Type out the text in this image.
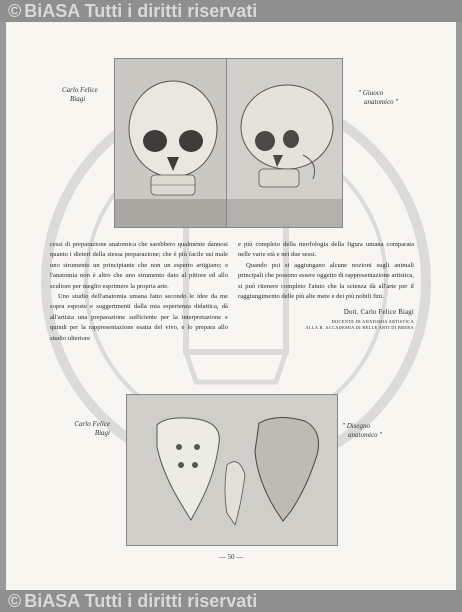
© BiASA Tutti i diritti riservati
Carlo Felice
Biagi
" Giuoco
anatomico "

cessi di preparazione anatomica che sarebbero qualmente dannosi quanto i dieteri della stessa preparazione; che è più facile usi male uno strumento un principiante che non un esperto artigiano; e l'anatomia non è altro che uno strumento dato al pittore ed allo scultore per meglio esprimere la propria arte.

Uno studio dell'anatomia umana fatto secondo le idee da me sopra esposte e suggerimenti dalla mia esperienza didattica, dà all'artista una preparazione sufficiente per la interpretazione e quindi per la rappresentazione esatta del vivo, e lo prepara allo studio ulteriore

e più completo della morfologia della figura umana comparata nelle varie età e nei due sessi.

Quando poi si aggiungano alcune nozioni sugli animali principali che possono essere oggetto di rappresentazione artistica, si può ritenere completo l'aiuto che la scienza dà all'arte per il raggiungimento delle più alte mete e dei più nobili fini.

Dott. Carlo Felice Biagi
DOCENTE DI ANATOMIA ARTISTICA
ALLA R. ACCADEMIA DI BELLE ARTI DI BRERA
Carlo Felice
Biagi
" Disegno
anatomico "
— 50 —
© BiASA Tutti i diritti riservati
